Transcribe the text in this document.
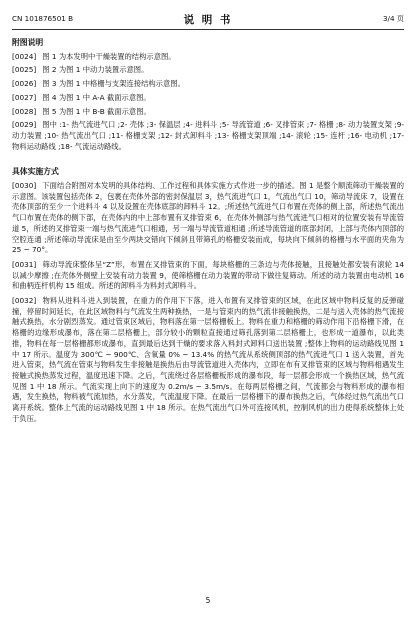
CN 101876501 B	说 明 书	3/4 页
附图说明
[0024] 图 1 为本发明中干燥装置的结构示意图。
[0025] 图 2 为图 1 中动力装置示意图。
[0026] 图 3 为图 1 中格栅与支架连接结构示意图。
[0027] 图 4 为图 1 中 A-A 截面示意图。
[0028] 图 5 为图 1 中 B-B 截面示意图。
[0029] 图中 :1- 热气流进气口 ;2- 壳体 ;3- 保温层 ;4- 进料斗 ;5- 导流管道 ;6- 叉排管束 ;7- 格栅 ;8- 动力装置支架 ;9- 动力装置 ;10- 热气流出气口 ;11- 格栅支架 ;12- 封式卸料斗 ;13- 格栅支架顶端 ;14- 滚轮 ;15- 连杆 ;16- 电动机 ;17- 物料运动路线 ;18- 气流运动路线。
具体实施方式
[0030] 下面结合附图对本发明的具体结构、工作过程和具体实施方式作进一步的描述。图 1 是整个顺流筛动干燥装置的示意图。该装置包括壳体 2，包裹在壳体外部的密封保温层 3，热气流进气口 1，气流出气口 10，筛动导流床 7，设置在壳体顶部的至少一个进料斗 4 以及设置在壳体底部的卸料斗 12。;所述热气流进气口布置在壳体的侧上部，所述热气流出气口布置在壳体的侧下部，在壳体内的中上部布置有叉排管束 6，在壳体外侧部与热气流进气口相对的位置安装有导流管道 5，所述的叉排管束一端与热气流进气口相通，另一端与导流管道相通 ;所述导流管道的底部封闭，上部与壳体内顶部的空腔连通 ;所述筛动导流床是由至少两块交错向下倾斜且带筛孔的格栅安装而成，每块向下倾斜的格栅与水平面的夹角为 25 ~ 70°。
[0031] 筛动导流床整体呈“Z”形，布置在叉排管束的下面，每块格栅的三条边与壳体接触，且接触处都安装有滚轮 14 以减少摩擦 ;在壳体外侧壁上安装有动力装置 9，使筛格栅在动力装置的带动下做往复筛动。所述的动力装置由电动机 16 和曲柄连杆机构 15 组成。所述的卸料斗为料封式卸料斗。
[0032] 物料从进料斗进入到装置，在重力的作用下下落，进入布置有叉排管束的区域，在此区域中物料反复的反弹碰撞，停留时间延长，在此区域物料与气流发生两种换热，一是与管束内的热气流非接触换热，二是与送入壳体的热气流接触式换热，水分剧烈蒸发。通过管束区域后，物料落在第一层格栅板上。物料在重力和格栅的筛动作用下沿格栅下滑，在格栅的边缘形成瀑布，落在第二层格栅上，部分较小的颗粒直接通过筛孔落到第二层格栅上，也形成一道瀑布，以此类推，物料在每一层格栅都形成瀑布，直到最后达到干燥的要求落入料封式卸料口送出装置 ;整体上物料的运动路线见图 1 中 17 所示。温度为 300℃ ~ 900℃、含氧量 0% ~ 13.4% 的热气流从系统侧顶部的热气流进气口 1 送入装置，首先进入管束，热气流在管束与物料发生非接触是换热后由导流管道进入壳体内，立即在布有叉排管束的区域与物料相遇发生接触式换热蒸发过程，温度迅速下降。之后，气流绕过各层格栅板形成的瀑布段，每一层都会形成一个换热区域，热气流见图 1 中 18 所示。气流实现上向下的速度为 0.2m/s ~ 3.5m/s。在每两层格栅之间，气流都会与物料形成的瀑布相遇，发生换热，物料被气流加热，水分蒸发，气流温度下降。在最后一层格栅下的瀑布换热之后，气体经过热气流出气口离开系统。整体上气流的运动路线见图 1 中 18 所示。在热气流出气口外可连接风机，控制风机的出力使得系统整体上处于负压。
5
